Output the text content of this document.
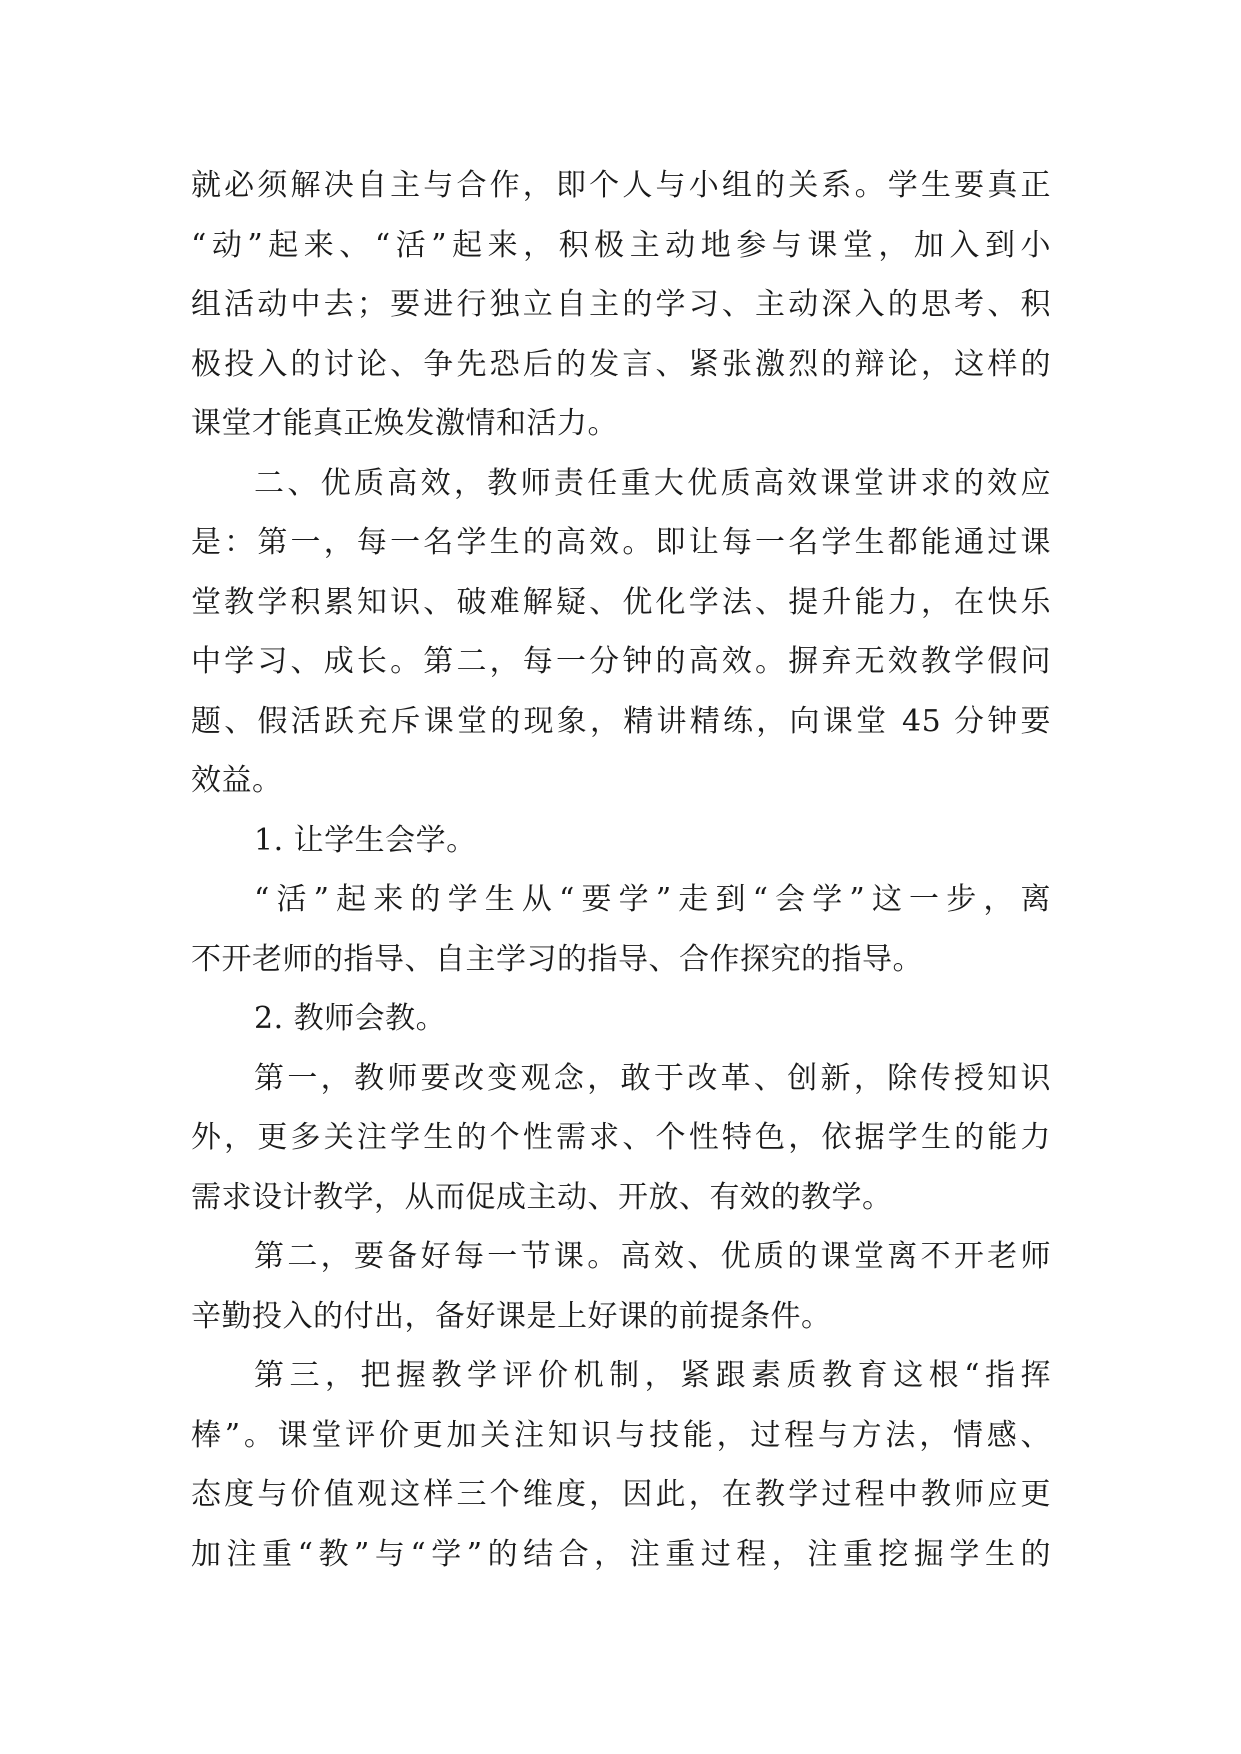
就必须解决自主与合作，即个人与小组的关系。学生要真正
“动”起来、“活”起来，积极主动地参与课堂，加入到小
组活动中去；要进行独立自主的学习、主动深入的思考、积
极投入的讨论、争先恐后的发言、紧张激烈的辩论，这样的
课堂才能真正焕发激情和活力。
二、优质高效，教师责任重大优质高效课堂讲求的效应
是：第一，每一名学生的高效。即让每一名学生都能通过课
堂教学积累知识、破难解疑、优化学法、提升能力，在快乐
中学习、成长。第二，每一分钟的高效。摒弃无效教学假问
题、假活跃充斥课堂的现象，精讲精练，向课堂 45 分钟要
效益。
1. 让学生会学。
“活”起来的学生从“要学”走到“会学”这一步，离
不开老师的指导、自主学习的指导、合作探究的指导。
2. 教师会教。
第一，教师要改变观念，敢于改革、创新，除传授知识
外，更多关注学生的个性需求、个性特色，依据学生的能力
需求设计教学，从而促成主动、开放、有效的教学。
第二，要备好每一节课。高效、优质的课堂离不开老师
辛勤投入的付出，备好课是上好课的前提条件。
第三，把握教学评价机制，紧跟素质教育这根“指挥
棒”。课堂评价更加关注知识与技能，过程与方法，情感、
态度与价值观这样三个维度，因此，在教学过程中教师应更
加注重“教”与“学”的结合，注重过程，注重挖掘学生的
